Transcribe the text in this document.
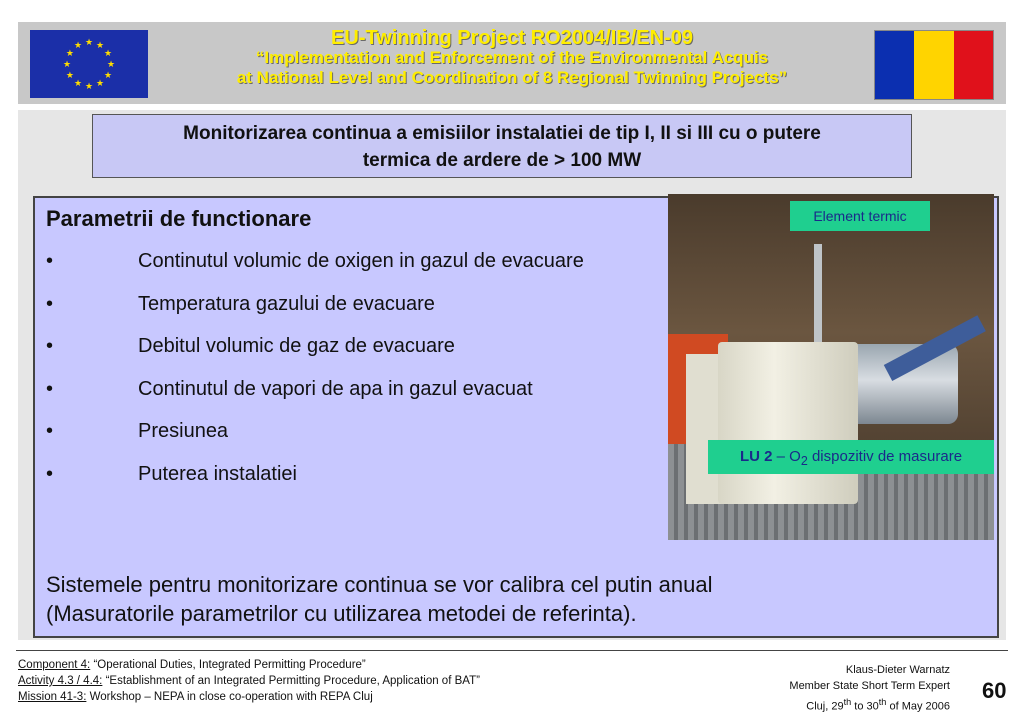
★ ★
★
★
★
★
★
★
★
★
★
★	EU-Twinning Project RO2004/IB/EN-09
“Implementation and Enforcement of the Environmental Acquis
at National Level and Coordination of 8 Regional Twinning Projects”
Monitorizarea continua a emisiilor instalatiei de tip I, II si III cu o putere
termica de ardere de > 100 MW
Parametrii de functionare
•	Continutul volumic de oxigen in gazul de evacuare
•	Temperatura gazului de evacuare
•	Debitul volumic de gaz de evacuare
•	Continutul de vapori de apa in gazul evacuat
•	Presiunea
•	Puterea instalatiei
Element termic
LU $2 - O_2$ dispozitiv de masurare
Sistemele pentru monitorizare continua se vor calibra cel putin anual
(Masuratorile parametrilor cu utilizarea metodei de referinta).
Component 4: “Operational Duties, Integrated Permitting Procedure”
Activity 4.3 / 4.4: “Establishment of an Integrated Permitting Procedure, Application of BAT”
Mission 41-3: Workshop – NEPA in close co-operation with REPA Cluj
Klaus-Dieter Warnatz
Member State Short Term Expert
Cluj, 29th to 30th of May 2006
60
